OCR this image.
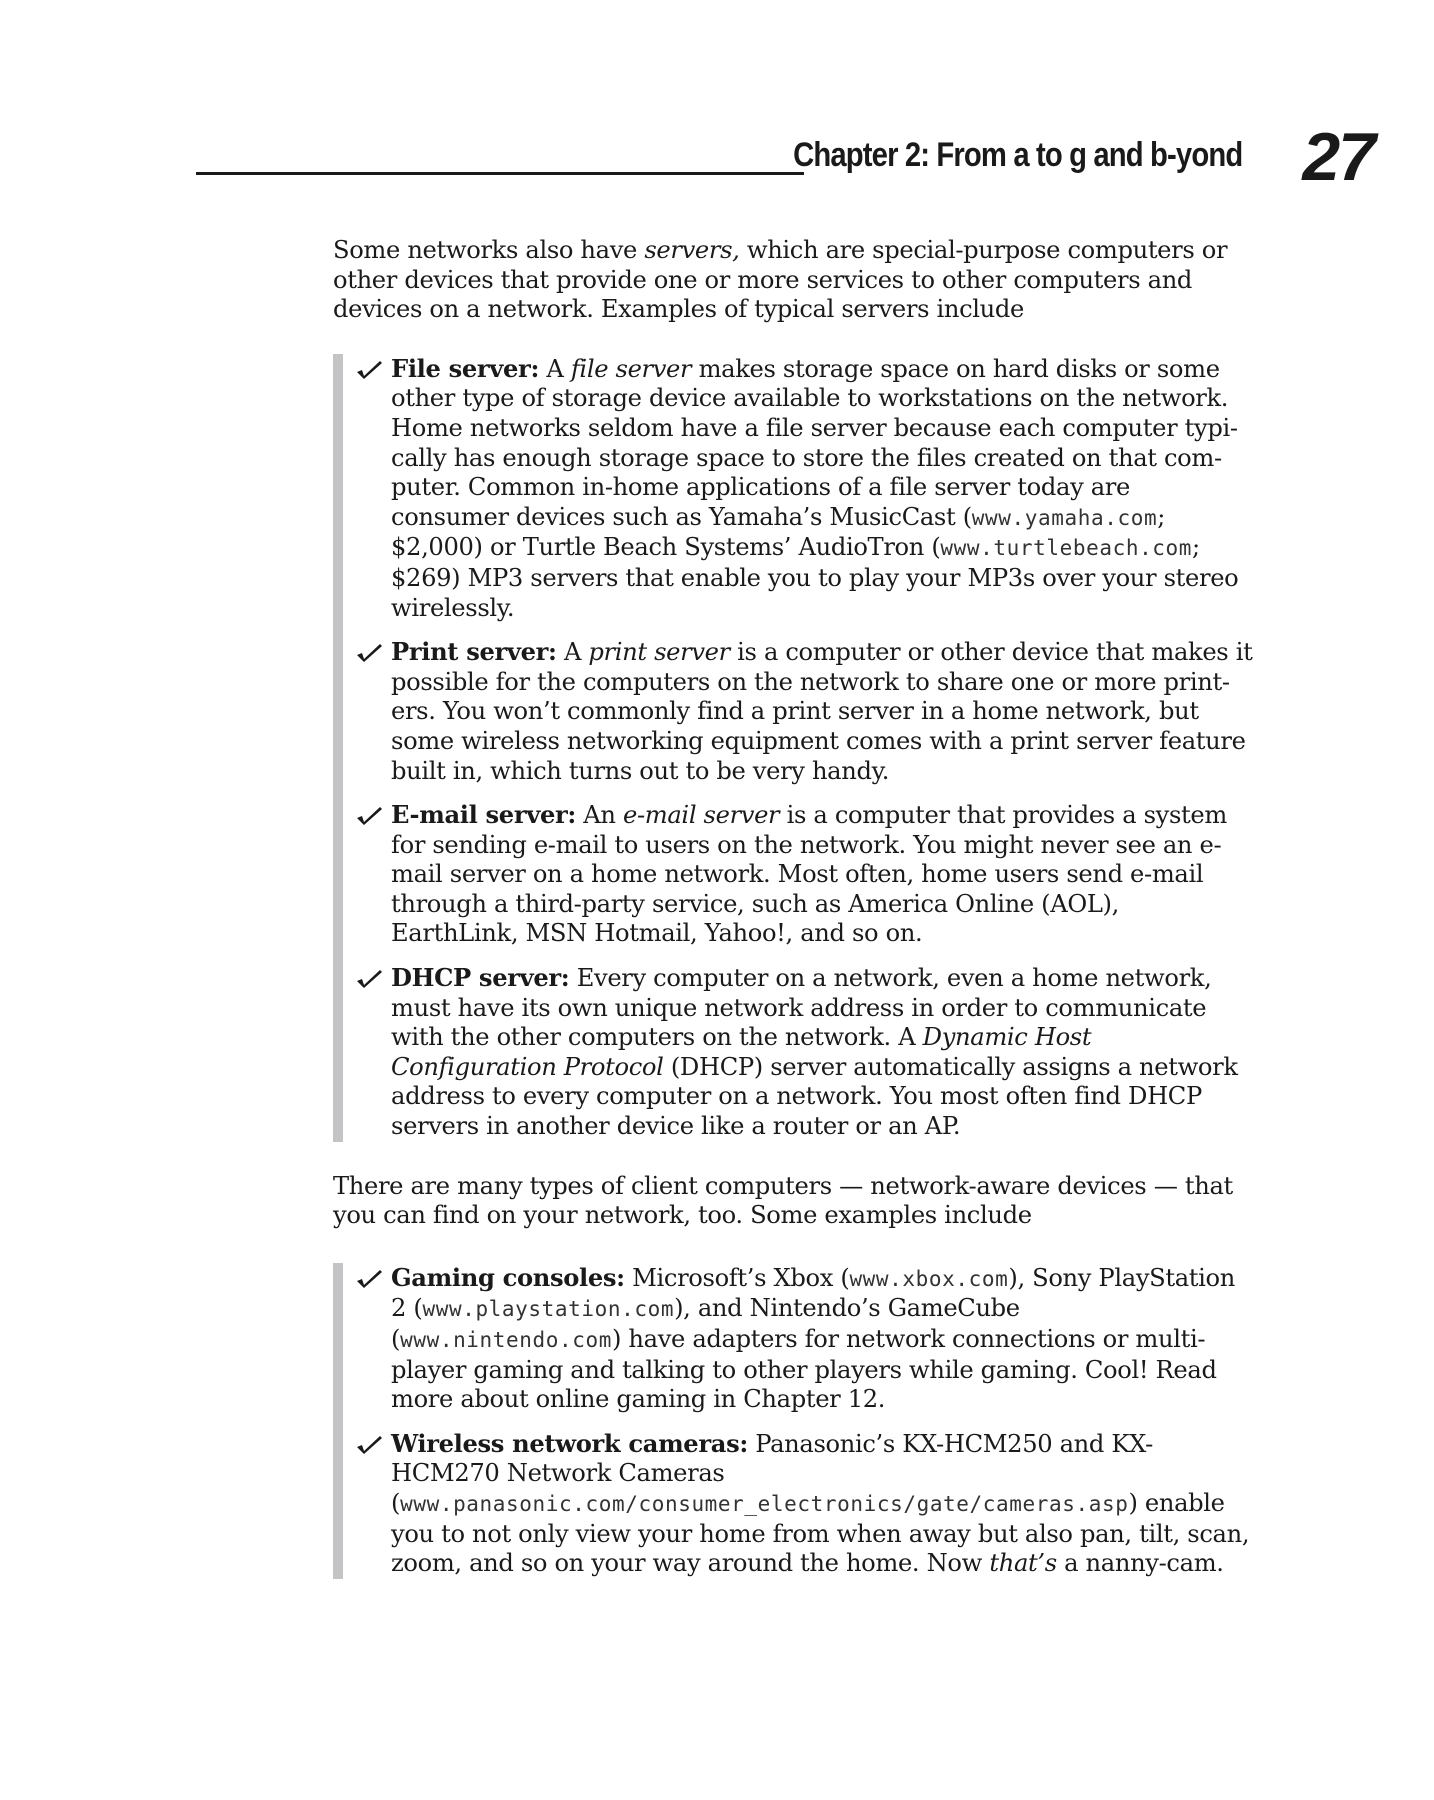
Chapter 2: From a to g and b-yond 27

Some networks also have servers, which are special-purpose computers or other devices that provide one or more services to other computers and devices on a network. Examples of typical servers include

File server: A file server makes storage space on hard disks or some other type of storage device available to workstations on the network. Home networks seldom have a file server because each computer typi-cally has enough storage space to store the files created on that com-puter. Common in-home applications of a file server today are consumer devices such as Yamaha’s MusicCast (www.yamaha.com; $2,000) or Turtle Beach Systems’ AudioTron (www.turtlebeach.com; $269) MP3 servers that enable you to play your MP3s over your stereo wirelessly.
Print server: A print server is a computer or other device that makes it possible for the computers on the network to share one or more print-ers. You won’t commonly find a print server in a home network, but some wireless networking equipment comes with a print server feature built in, which turns out to be very handy.
E-mail server: An e-mail server is a computer that provides a system for sending e-mail to users on the network. You might never see an e-mail server on a home network. Most often, home users send e-mail through a third-party service, such as America Online (AOL), EarthLink, MSN Hotmail, Yahoo!, and so on.
DHCP server: Every computer on a network, even a home network, must have its own unique network address in order to communicate with the other computers on the network. A Dynamic Host Configuration Protocol (DHCP) server automatically assigns a network address to every computer on a network. You most often find DHCP servers in another device like a router or an AP.

There are many types of client computers — network-aware devices — that you can find on your network, too. Some examples include

Gaming consoles: Microsoft’s Xbox (www.xbox.com), Sony PlayStation 2 (www.playstation.com), and Nintendo’s GameCube (www.nintendo.com) have adapters for network connections or multi-player gaming and talking to other players while gaming. Cool! Read more about online gaming in Chapter 12.
Wireless network cameras: Panasonic’s KX-HCM250 and KX-HCM270 Network Cameras (www.panasonic.com/consumer_electronics/gate/cameras.asp) enable you to not only view your home from when away but also pan, tilt, scan, zoom, and so on your way around the home. Now that’s a nanny-cam.
